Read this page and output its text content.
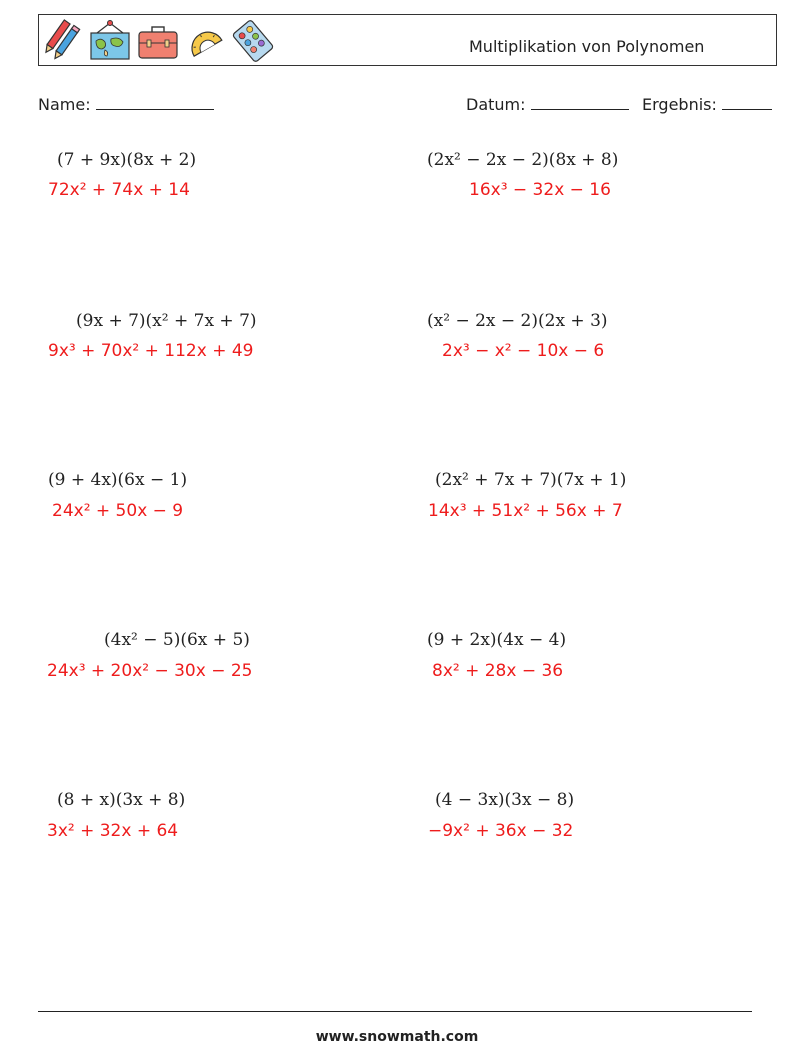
Multiplikation von Polynomen
Name:	Datum:	Ergebnis:
(7 + 9x)(8x + 2)
72x² + 74x + 14
(2x² − 2x − 2)(8x + 8)
16x³ − 32x − 16
(9x + 7)(x² + 7x + 7)
9x³ + 70x² + 112x + 49
(x² − 2x − 2)(2x + 3)
2x³ − x² − 10x − 6
(9 + 4x)(6x − 1)
24x² + 50x − 9
(2x² + 7x + 7)(7x + 1)
14x³ + 51x² + 56x + 7
(4x² − 5)(6x + 5)
24x³ + 20x² − 30x − 25
(9 + 2x)(4x − 4)
8x² + 28x − 36
(8 + x)(3x + 8)
3x² + 32x + 64
(4 − 3x)(3x − 8)
−9x² + 36x − 32
www.snowmath.com
